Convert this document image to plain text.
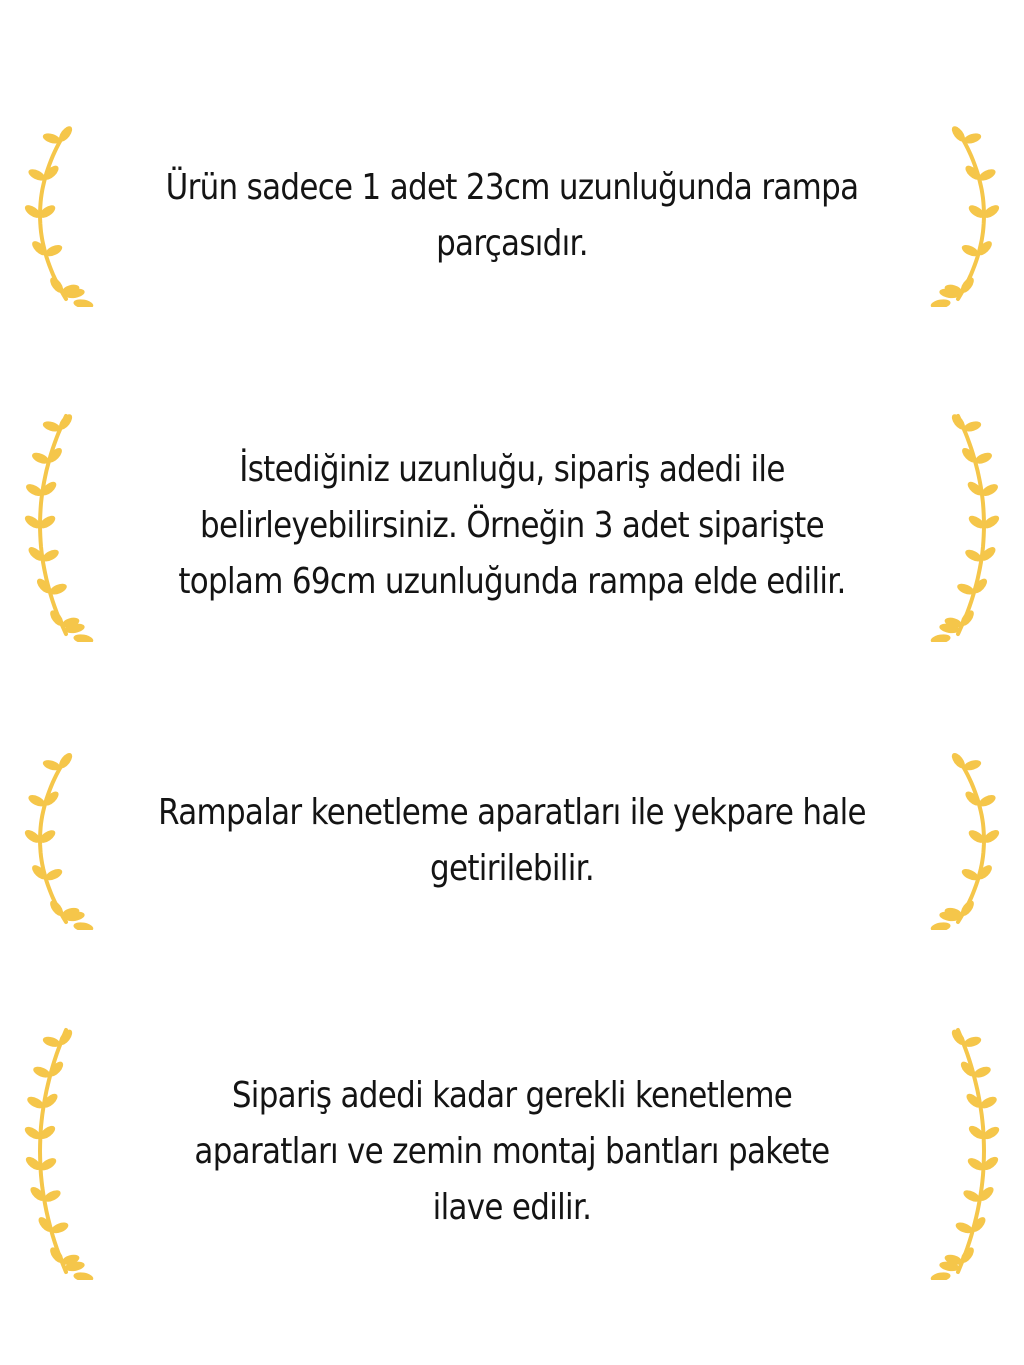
Ürün sadece 1 adet 23cm uzunluğunda rampa parçasıdır.
İstediğiniz uzunluğu, sipariş adedi ile belirleyebilirsiniz. Örneğin 3 adet siparişte toplam 69cm uzunluğunda rampa elde edilir.
Rampalar kenetleme aparatları ile yekpare hale getirilebilir.
Sipariş adedi kadar gerekli kenetleme aparatları ve zemin montaj bantları pakete ilave edilir.
